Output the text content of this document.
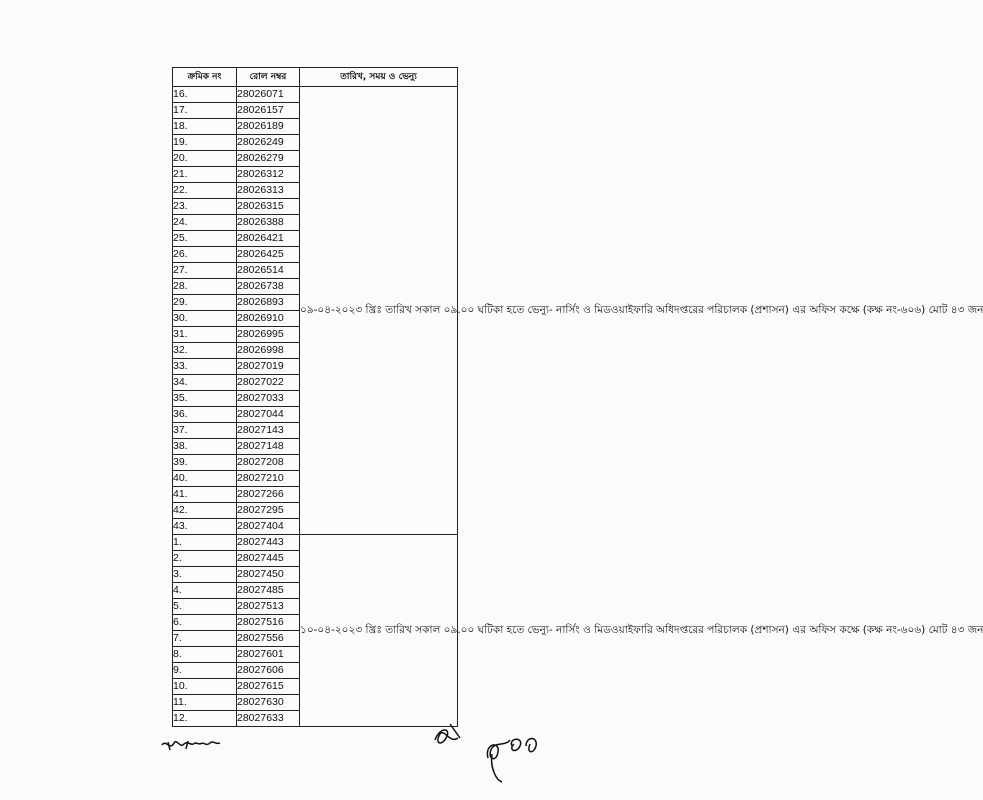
ক্রমিক নং	রোল নম্বর	তারিখ, সময় ও ভেন্যু
16.	28026071	০৯-০৪-২০২৩ খ্রিঃ তারিখ সকাল ০৯.০০ ঘটিকা হতে ভেন্যু- নার্সিং ও মিডওয়াইফারি অধিদপ্তরের পরিচালক (প্রশাসন) এর অফিস কক্ষে (কক্ষ নং-৬০৬) মোট ৪৩ জন
17.	28026157	
18.	28026189	
19.	28026249	
20.	28026279	
21.	28026312	
22.	28026313	
23.	28026315	
24.	28026388	
25.	28026421	
26.	28026425	
27.	28026514	
28.	28026738	
29.	28026893	
30.	28026910	
31.	28026995	
32.	28026998	
33.	28027019	
34.	28027022	
35.	28027033	
36.	28027044	
37.	28027143	
38.	28027148	
39.	28027208	
40.	28027210	
41.	28027266	
42.	28027295	
43.	28027404	
1.	28027443	১০-০৪-২০২৩ খ্রিঃ তারিখ সকাল ০৯.০০ ঘটিকা হতে ভেন্যু- নার্সিং ও মিডওয়াইফারি অধিদপ্তরের পরিচালক (প্রশাসন) এর অফিস কক্ষে (কক্ষ নং-৬০৬) মোট ৪৩ জন
2.	28027445	
3.	28027450	
4.	28027485	
5.	28027513	
6.	28027516	
7.	28027556	
8.	28027601	
9.	28027606	
10.	28027615	
11.	28027630	
12.	28027633	
